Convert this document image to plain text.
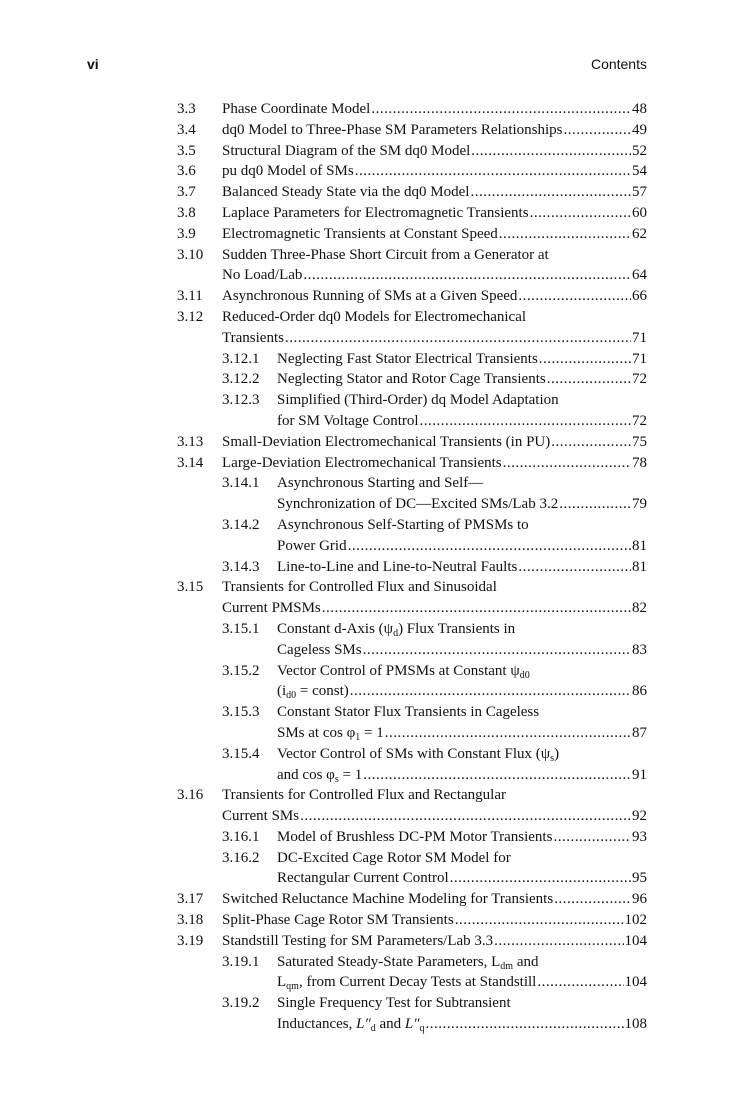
vi	Contents
3.3 Phase Coordinate Model .....	48
3.4 dq0 Model to Three-Phase SM Parameters Relationships .....	49
3.5 Structural Diagram of the SM dq0 Model .....	52
3.6 pu dq0 Model of SMs .....	54
3.7 Balanced Steady State via the dq0 Model .....	57
3.8 Laplace Parameters for Electromagnetic Transients .....	60
3.9 Electromagnetic Transients at Constant Speed .....	62
3.10 Sudden Three-Phase Short Circuit from a Generator at
No Load/Lab .....	64
3.11 Asynchronous Running of SMs at a Given Speed .....	66
3.12 Reduced-Order dq0 Models for Electromechanical
Transients .....	71
3.12.1 Neglecting Fast Stator Electrical Transients .....	71
3.12.2 Neglecting Stator and Rotor Cage Transients .....	72
3.12.3 Simplified (Third-Order) dq Model Adaptation
for SM Voltage Control .....	72
3.13 Small-Deviation Electromechanical Transients (in PU) .....	75
3.14 Large-Deviation Electromechanical Transients .....	78
3.14.1 Asynchronous Starting and Self—
Synchronization of DC—Excited SMs/Lab 3.2 .....	79
3.14.2 Asynchronous Self-Starting of PMSMs to
Power Grid .....	81
3.14.3 Line-to-Line and Line-to-Neutral Faults .....	81
3.15 Transients for Controlled Flux and Sinusoidal
Current PMSMs .....	82
3.15.1 Constant d-Axis $(\psi_d)$ Flux Transients in
Cageless SMs .....	83
3.15.2 Vector Control of PMSMs at Constant $\psi_{d0}$
($i_{d0}$ = const) .....	86
3.15.3 Constant Stator Flux Transients in Cageless
SMs at $\cos \varphi_1 = 1$ .....	87
3.15.4 Vector Control of SMs with Constant Flux $(\psi_s)$
and $\cos \varphi_s = 1$ .....	91
3.16 Transients for Controlled Flux and Rectangular
Current SMs .....	92
3.16.1 Model of Brushless DC-PM Motor Transients .....	93
3.16.2 DC-Excited Cage Rotor SM Model for
Rectangular Current Control .....	95
3.17 Switched Reluctance Machine Modeling for Transients .....	96
3.18 Split-Phase Cage Rotor SM Transients .....	102
3.19 Standstill Testing for SM Parameters/Lab 3.3 .....	104
3.19.1 Saturated Steady-State Parameters, $L_{dm}$ and
$L_{qm}$, from Current Decay Tests at Standstill .....	104
3.19.2 Single Frequency Test for Subtransient
Inductances, $L''_d$ and $L''_q$ .....	108
